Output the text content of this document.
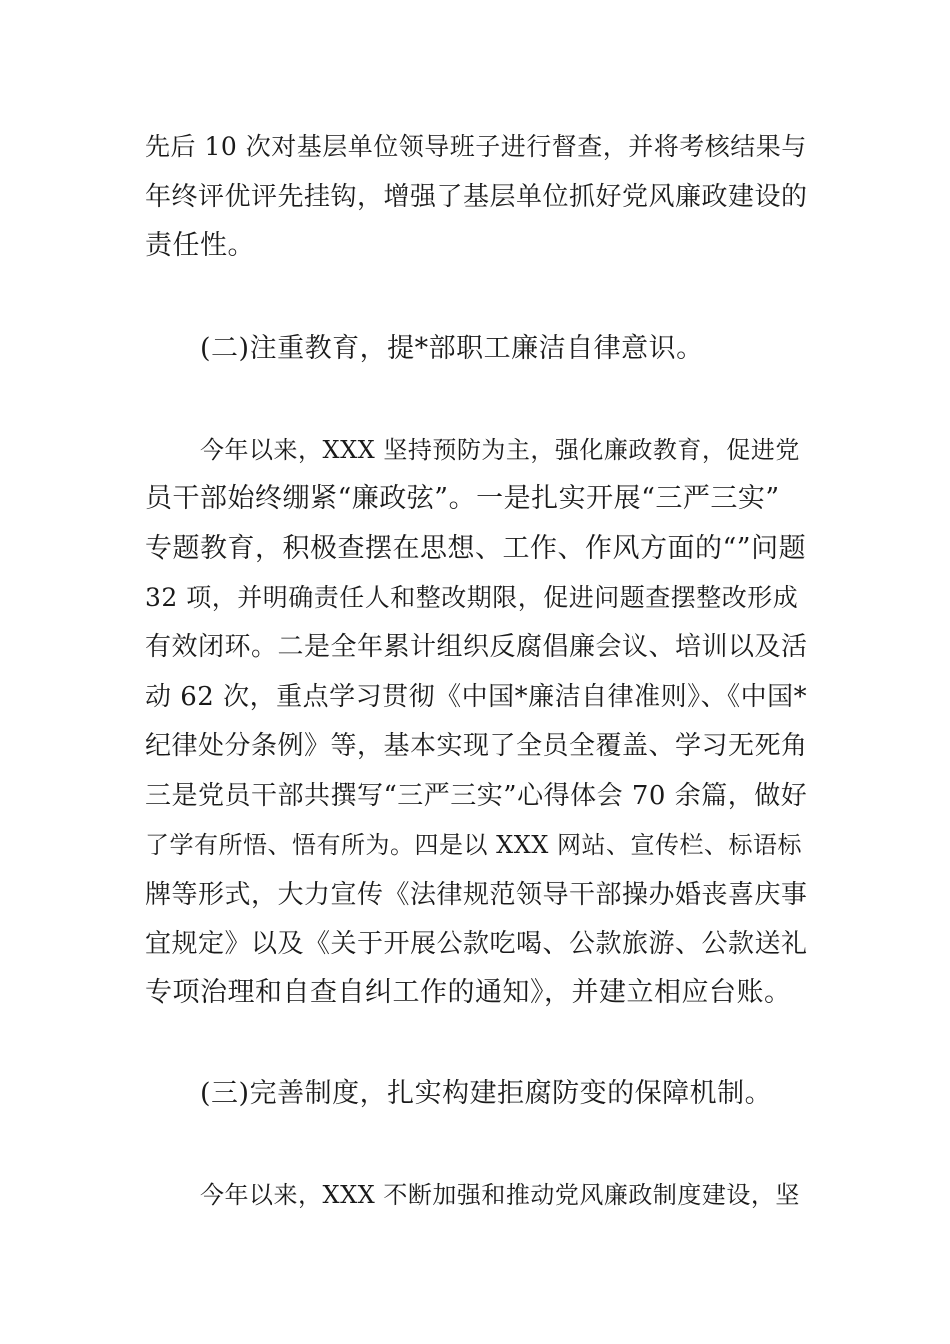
先后 10 次对基层单位领导班子进行督查，并将考核结果与
年终评优评先挂钩，增强了基层单位抓好党风廉政建设的
责任性。
(二)注重教育，提*部职工廉洁自律意识。
今年以来，XXX 坚持预防为主，强化廉政教育，促进党
员干部始终绷紧“廉政弦”。一是扎实开展“三严三实”
专题教育，积极查摆在思想、工作、作风方面的“”问题
32 项，并明确责任人和整改期限，促进问题查摆整改形成
有效闭环。二是全年累计组织反腐倡廉会议、培训以及活
动 62 次，重点学习贯彻《中国*廉洁自律准则》、《中国*
纪律处分条例》等，基本实现了全员全覆盖、学习无死角
三是党员干部共撰写“三严三实”心得体会 70 余篇，做好
了学有所悟、悟有所为。四是以 XXX 网站、宣传栏、标语标
牌等形式，大力宣传《法律规范领导干部操办婚丧喜庆事
宜规定》以及《关于开展公款吃喝、公款旅游、公款送礼
专项治理和自查自纠工作的通知》，并建立相应台账。
(三)完善制度，扎实构建拒腐防变的保障机制。
今年以来，XXX 不断加强和推动党风廉政制度建设，坚
